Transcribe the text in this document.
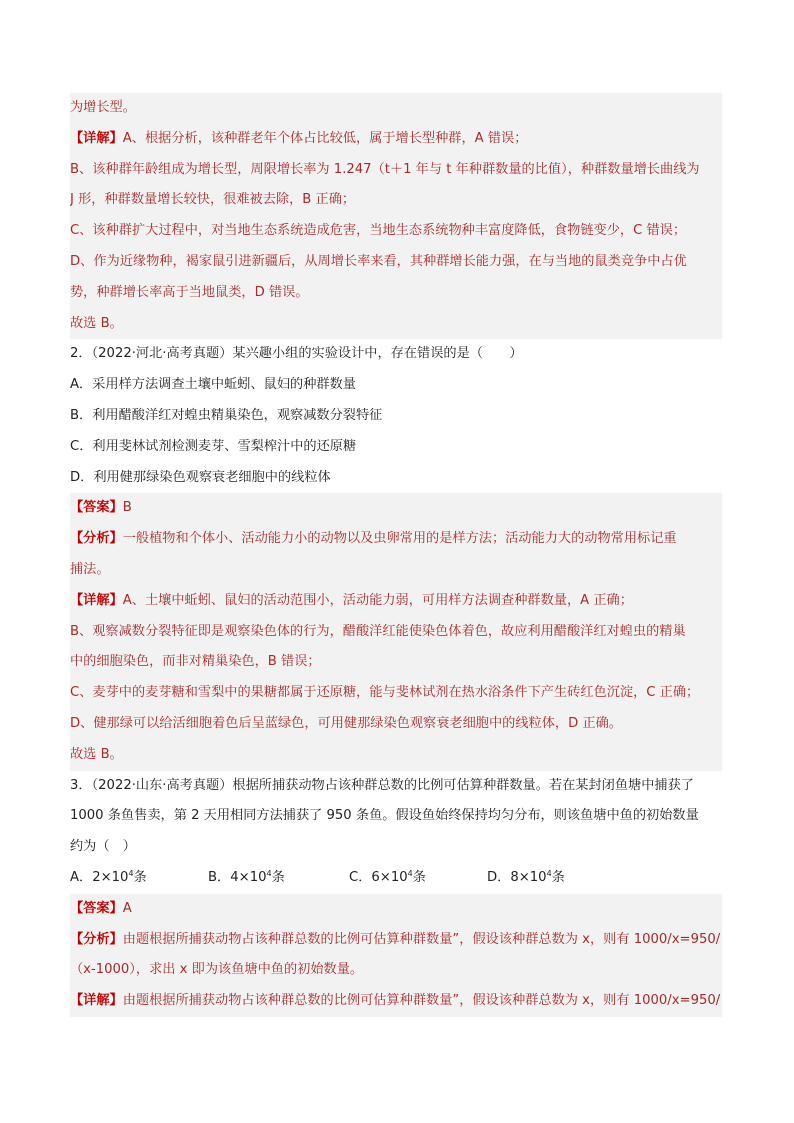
为增长型。
【详解】A、根据分析，该种群老年个体占比较低，属于增长型种群，A 错误；
B、该种群年龄组成为增长型，周限增长率为 1.247（t＋1 年与 t 年种群数量的比值），种群数量增长曲线为
J 形，种群数量增长较快，很难被去除，B 正确；
C、该种群扩大过程中，对当地生态系统造成危害，当地生态系统物种丰富度降低，食物链变少，C 错误；
D、作为近缘物种，褐家鼠引进新疆后，从周增长率来看，其种群增长能力强，在与当地的鼠类竞争中占优
势，种群增长率高于当地鼠类，D 错误。
故选 B。
2．（2022·河北·高考真题）某兴趣小组的实验设计中，存在错误的是（　　）
A．采用样方法调查土壤中蚯蚓、鼠妇的种群数量
B．利用醋酸洋红对蝗虫精巢染色，观察减数分裂特征
C．利用斐林试剂检测麦芽、雪梨榨汁中的还原糖
D．利用健那绿染色观察衰老细胞中的线粒体
【答案】B
【分析】一般植物和个体小、活动能力小的动物以及虫卵常用的是样方法；活动能力大的动物常用标记重
捕法。
【详解】A、土壤中蚯蚓、鼠妇的活动范围小，活动能力弱，可用样方法调查种群数量，A 正确；
B、观察减数分裂特征即是观察染色体的行为，醋酸洋红能使染色体着色，故应利用醋酸洋红对蝗虫的精巢
中的细胞染色，而非对精巢染色，B 错误；
C、麦芽中的麦芽糖和雪梨中的果糖都属于还原糖，能与斐林试剂在热水浴条件下产生砖红色沉淀，C 正确；
D、健那绿可以给活细胞着色后呈蓝绿色，可用健那绿染色观察衰老细胞中的线粒体，D 正确。
故选 B。
3．（2022·山东·高考真题）根据所捕获动物占该种群总数的比例可估算种群数量。若在某封闭鱼塘中捕获了
1000 条鱼售卖，第 2 天用相同方法捕获了 950 条鱼。假设鱼始终保持均匀分布，则该鱼塘中鱼的初始数量
约为（　）
A．$2\times 10^4$条	B．$4\times 10^4$条	C．$6\times 10^4$条	D．$8\times 10^4$条
【答案】A
【分析】由题根据所捕获动物占该种群总数的比例可估算种群数量”，假设该种群总数为 x，则有 1000/x=950/
（x-1000），求出 x 即为该鱼塘中鱼的初始数量。
【详解】由题根据所捕获动物占该种群总数的比例可估算种群数量”，假设该种群总数为 x，则有 1000/x=950/
